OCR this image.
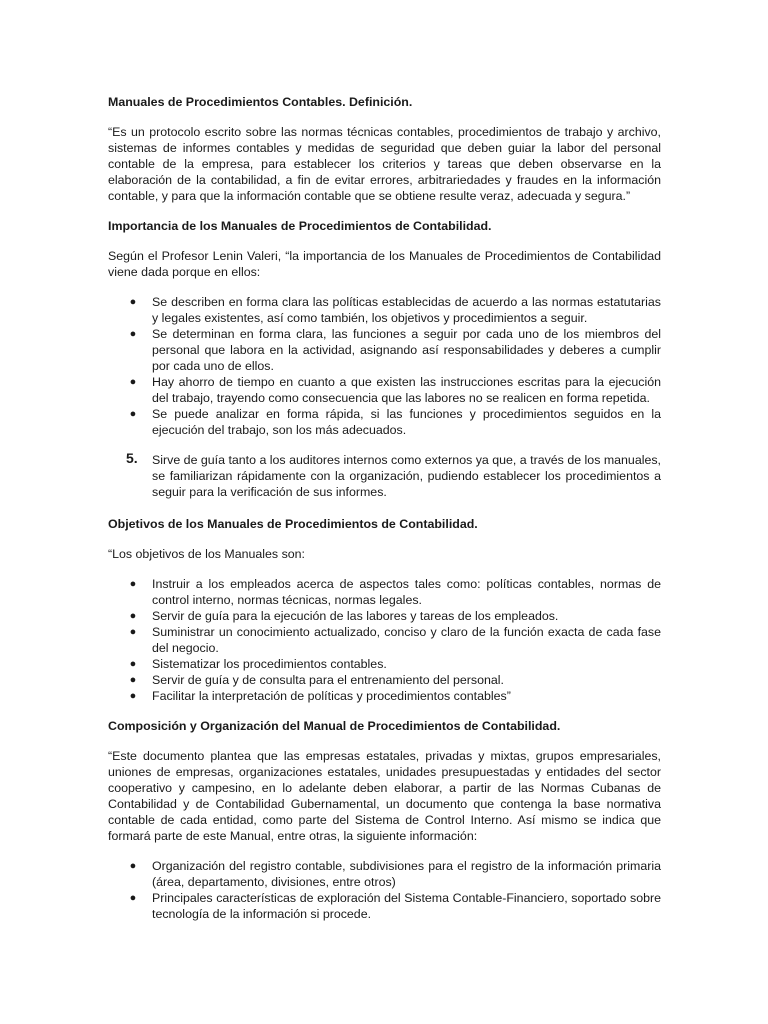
Manuales de Procedimientos Contables. Definición.

“Es un protocolo escrito sobre las normas técnicas contables, procedimientos de trabajo y archivo, sistemas de informes contables y medidas de seguridad que deben guiar la labor del personal contable de la empresa, para establecer los criterios y tareas que deben observarse en la elaboración de la contabilidad, a fin de evitar errores, arbitrariedades y fraudes en la información contable, y para que la información contable que se obtiene resulte veraz, adecuada y segura.”

Importancia de los Manuales de Procedimientos de Contabilidad.

Según el Profesor Lenin Valeri, “la importancia de los Manuales de Procedimientos de Contabilidad viene dada porque en ellos:

● Se describen en forma clara las políticas establecidas de acuerdo a las normas estatutarias y legales existentes, así como también, los objetivos y procedimientos a seguir.
● Se determinan en forma clara, las funciones a seguir por cada uno de los miembros del personal que labora en la actividad, asignando así responsabilidades y deberes a cumplir por cada uno de ellos.
● Hay ahorro de tiempo en cuanto a que existen las instrucciones escritas para la ejecución del trabajo, trayendo como consecuencia que las labores no se realicen en forma repetida.
● Se puede analizar en forma rápida, si las funciones y procedimientos seguidos en la ejecución del trabajo, son los más adecuados.
5. Sirve de guía tanto a los auditores internos como externos ya que, a través de los manuales, se familiarizan rápidamente con la organización, pudiendo establecer los procedimientos a seguir para la verificación de sus informes.

Objetivos de los Manuales de Procedimientos de Contabilidad.

“Los objetivos de los Manuales son:

● Instruir a los empleados acerca de aspectos tales como: políticas contables, normas de control interno, normas técnicas, normas legales.
● Servir de guía para la ejecución de las labores y tareas de los empleados.
● Suministrar un conocimiento actualizado, conciso y claro de la función exacta de cada fase del negocio.
● Sistematizar los procedimientos contables.
● Servir de guía y de consulta para el entrenamiento del personal.
● Facilitar la interpretación de políticas y procedimientos contables”

Composición y Organización del Manual de Procedimientos de Contabilidad.

“Este documento plantea que las empresas estatales, privadas y mixtas, grupos empresariales, uniones de empresas, organizaciones estatales, unidades presupuestadas y entidades del sector cooperativo y campesino, en lo adelante deben elaborar, a partir de las Normas Cubanas de Contabilidad y de Contabilidad Gubernamental, un documento que contenga la base normativa contable de cada entidad, como parte del Sistema de Control Interno. Así mismo se indica que formará parte de este Manual, entre otras, la siguiente información:

● Organización del registro contable, subdivisiones para el registro de la información primaria (área, departamento, divisiones, entre otros)
● Principales características de exploración del Sistema Contable-Financiero, soportado sobre tecnología de la información si procede.
